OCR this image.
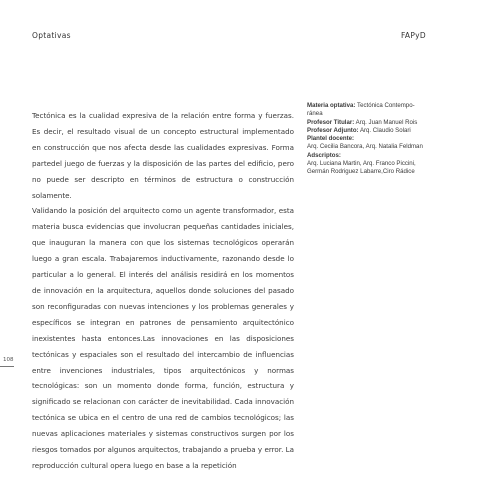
Optativas	FAPyD

Tectónica es la cualidad expresiva de la relación entre forma y fuerzas. Es decir, el resultado visual de un concepto estructural implementado en construcción que nos afecta desde las cualidades expresivas. Forma partedel juego de fuerzas y la disposición de las partes del edificio, pero no puede ser descripto en términos de estructura o construcción solamente.

Validando la posición del arquitecto como un agente transformador, esta materia busca evidencias que involucran pequeñas cantidades iniciales, que inauguran la manera con que los sistemas tecnológicos operarán luego a gran escala. Trabajaremos inductivamente, razonando desde lo particular a lo general. El interés del análisis residirá en los momentos de innovación en la arquitectura, aquellos donde soluciones del pasado son reconfiguradas con nuevas intenciones y los problemas generales y específicos se integran en patrones de pensamiento arquitectónico inexistentes hasta entonces.Las innovaciones en las disposiciones tectónicas y espaciales son el resultado del intercambio de influencias entre invenciones industriales, tipos arquitectónicos y normas tecnológicas: son un momento donde forma, función, estructura y significado se relacionan con carácter de inevitabilidad. Cada innovación tectónica se ubica en el centro de una red de cambios tecnológicos; las nuevas aplicaciones materiales y sistemas constructivos surgen por los riesgos tomados por algunos arquitectos, trabajando a prueba y error. La reproducción cultural opera luego en base a la repetición

108
Materia optativa: Tectónica Contempo-
ránea
Profesor Titular: Arq. Juan Manuel Rois
Profesor Adjunto: Arq. Claudio Solari
Plantel docente:
Arq. Cecilia Bancora, Arq. Natalia Feldman
Adscriptos:
Arq. Luciana Martin, Arq. Franco Piccini,
Germán Rodriguez Labarre,Ciro Rádice
